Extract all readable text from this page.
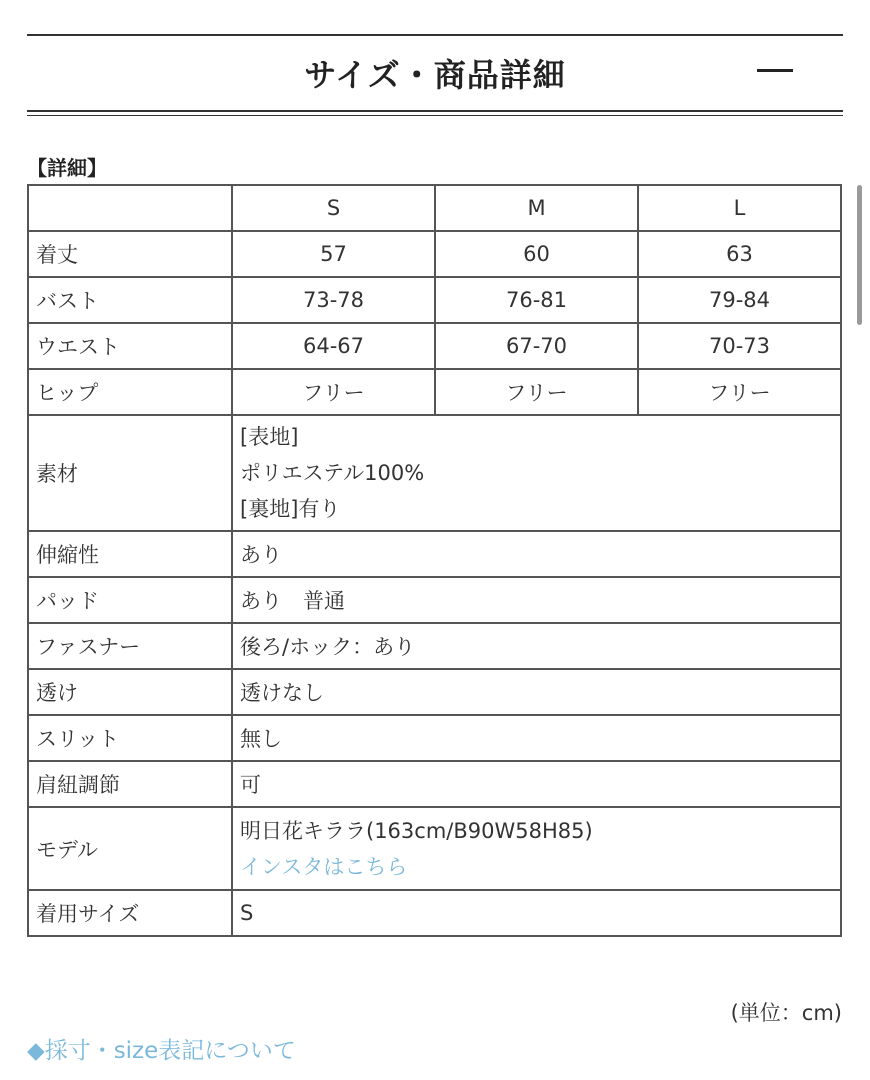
サイズ・商品詳細
【詳細】
	S	M	L
着丈	57	60	63
バスト	73-78	76-81	79-84
ウエスト	64-67	67-70	70-73
ヒップ	フリー	フリー	フリー
素材	[表地]
ポリエステル100%
[裏地]有り		

伸縮性	あり		
パッド	あり　普通		
ファスナー	後ろ/ホック：あり		
透け	透けなし		
スリット	無し		
肩紐調節	可		
モデル	明日花キララ(163cm/B90W58H85)
インスタはこちら		

着用サイズ	S		
(単位：cm)
◆採寸・size表記について
